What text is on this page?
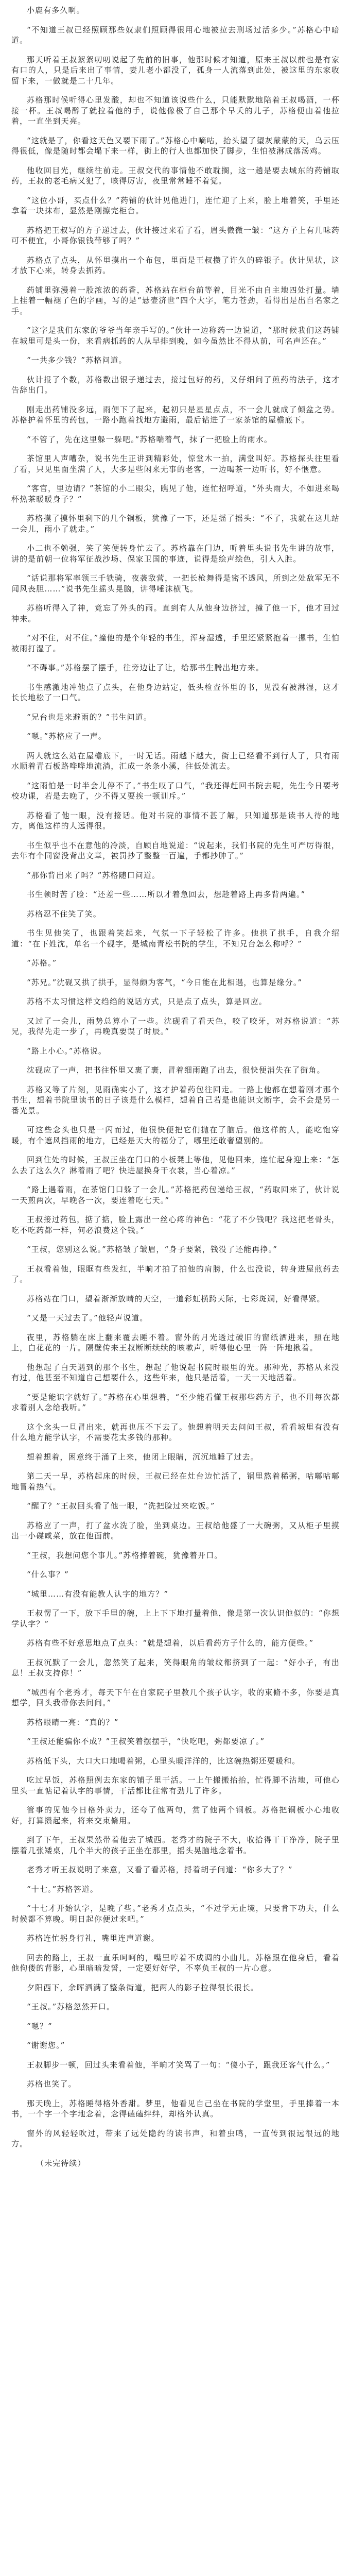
小鹿有多久啊。

“不知道王叔已经照顾那些奴隶们照顾得很用心地被拉去刑场过活多少。”苏格心中暗道。

那天听着王叔絮絮叨叨说起了先前的旧事，他那时候才知道，原来王叔以前也是有家有口的人，只是后来出了事情，妻儿老小都没了，孤身一人流落到此处，被这里的东家收留下来，一做就是二十几年。

苏格那时候听得心里发酸，却也不知道该说些什么，只能默默地陪着王叔喝酒，一杯接一杯。王叔喝醉了就拉着他的手，说他像极了自己那个早夭的儿子，苏格便由着他拉着，一直坐到天亮。

“这就是了，你看这天色又要下雨了。”苏格心中嘀咕，抬头望了望灰蒙蒙的天，乌云压得很低，像是随时都会塌下来一样，街上的行人也都加快了脚步，生怕被淋成落汤鸡。

他收回目光，继续往前走。王叔交代的事情他不敢耽搁，这一趟是要去城东的药铺取药，王叔的老毛病又犯了，咳得厉害，夜里常常睡不着觉。

“这位小哥，买点什么？”药铺的伙计见他进门，连忙迎了上来，脸上堆着笑，手里还拿着一块抹布，显然是刚擦完柜台。

苏格把王叔写的方子递过去，伙计接过来看了看，眉头微微一皱：“这方子上有几味药可不便宜，小哥你银钱带够了吗？”

苏格点了点头，从怀里摸出一个布包，里面是王叔攒了许久的碎银子。伙计见状，这才放下心来，转身去抓药。

药铺里弥漫着一股浓浓的药香，苏格站在柜台前等着，目光不由自主地四处打量。墙上挂着一幅褪了色的字画，写的是“悬壶济世”四个大字，笔力苍劲，看得出是出自名家之手。

“这字是我们东家的爷爷当年亲手写的。”伙计一边称药一边说道，“那时候我们这药铺在城里可是头一份，来看病抓药的人从早排到晚，如今虽然比不得从前，可名声还在。”

“一共多少钱？”苏格问道。

伙计报了个数，苏格数出银子递过去，接过包好的药，又仔细问了煎药的法子，这才告辞出门。

刚走出药铺没多远，雨便下了起来，起初只是星星点点，不一会儿就成了倾盆之势。苏格护着怀里的药包，一路小跑着找地方避雨，最后钻进了一家茶馆的屋檐底下。

“不管了，先在这里躲一躲吧。”苏格喘着气，抹了一把脸上的雨水。

茶馆里人声嘈杂，说书先生正讲到精彩处，惊堂木一拍，满堂叫好。苏格探头往里看了看，只见里面坐满了人，大多是些闲来无事的老客，一边喝茶一边听书，好不惬意。

“客官，里边请？”茶馆的小二眼尖，瞧见了他，连忙招呼道，“外头雨大，不如进来喝杯热茶暖暖身子？”

苏格摸了摸怀里剩下的几个铜板，犹豫了一下，还是摇了摇头：“不了，我就在这儿站一会儿，雨小了就走。”

小二也不勉强，笑了笑便转身忙去了。苏格靠在门边，听着里头说书先生讲的故事，讲的是前朝一位将军征战沙场、保家卫国的事迹，说得是绘声绘色，引人入胜。

“话说那将军率领三千铁骑，夜袭敌营，一把长枪舞得是密不透风，所到之处敌军无不闻风丧胆……”说书先生摇头晃脑，讲得唾沫横飞。

苏格听得入了神，竟忘了外头的雨。直到有人从他身边挤过，撞了他一下，他才回过神来。

“对不住，对不住。”撞他的是个年轻的书生，浑身湿透，手里还紧紧抱着一摞书，生怕被雨打湿了。

“不碍事。”苏格摆了摆手，往旁边让了让，给那书生腾出地方来。

书生感激地冲他点了点头，在他身边站定，低头检查怀里的书，见没有被淋湿，这才长长地松了一口气。

“兄台也是来避雨的？”书生问道。

“嗯。”苏格应了一声。

两人就这么站在屋檐底下，一时无话。雨越下越大，街上已经看不到行人了，只有雨水顺着青石板路哗哗地流淌，汇成一条条小溪，往低处流去。

“这雨怕是一时半会儿停不了。”书生叹了口气，“我还得赶回书院去呢，先生今日要考校功课，若是去晚了，少不得又要挨一顿训斥。”

苏格看了他一眼，没有接话。他对书院的事情不甚了解，只知道那是读书人待的地方，离他这样的人远得很。

书生似乎也不在意他的冷淡，自顾自地说道：“说起来，我们书院的先生可严厉得很，去年有个同窗没背出文章，被罚抄了整整一百遍，手都抄肿了。”

“那你背出来了吗？”苏格随口问道。

书生顿时苦了脸：“还差一些……所以才着急回去，想趁着路上再多背两遍。”

苏格忍不住笑了笑。

书生见他笑了，也跟着笑起来，气氛一下子轻松了许多。他拱了拱手，自我介绍道：“在下姓沈，单名一个砚字，是城南青松书院的学生，不知兄台怎么称呼？”

“苏格。”

“苏兄。”沈砚又拱了拱手，显得颇为客气，“今日能在此相遇，也算是缘分。”

苏格不太习惯这样文绉绉的说话方式，只是点了点头，算是回应。

又过了一会儿，雨势总算小了一些。沈砚看了看天色，咬了咬牙，对苏格说道：“苏兄，我得先走一步了，再晚真要误了时辰。”

“路上小心。”苏格说。

沈砚应了一声，把书往怀里又裹了裹，冒着细雨跑了出去，很快便消失在了街角。

苏格又等了片刻，见雨确实小了，这才护着药包往回走。一路上他都在想着刚才那个书生，想着书院里读书的日子该是什么模样，想着自己若是也能识文断字，会不会是另一番光景。

可这些念头也只是一闪而过，他很快便把它们抛在了脑后。他这样的人，能吃饱穿暖，有个遮风挡雨的地方，已经是天大的福分了，哪里还敢奢望别的。

回到住处的时候，王叔正坐在门口的小板凳上等他，见他回来，连忙起身迎上来：“怎么去了这么久？淋着雨了吧？快进屋换身干衣裳，当心着凉。”

“路上遇着雨，在茶馆门口躲了一会儿。”苏格把药包递给王叔，“药取回来了，伙计说一天煎两次，早晚各一次，要连着吃七天。”

王叔接过药包，掂了掂，脸上露出一丝心疼的神色：“花了不少钱吧？我这把老骨头，吃不吃药都一样，何必浪费这个钱。”

“王叔，您别这么说。”苏格皱了皱眉，“身子要紧，钱没了还能再挣。”

王叔看着他，眼眶有些发红，半晌才拍了拍他的肩膀，什么也没说，转身进屋煎药去了。

苏格站在门口，望着渐渐放晴的天空，一道彩虹横跨天际，七彩斑斓，好看得紧。

“又是一天过去了。”他轻声说道。

夜里，苏格躺在床上翻来覆去睡不着。窗外的月光透过破旧的窗纸洒进来，照在地上，白花花的一片。隔壁传来王叔断断续续的咳嗽声，听得他心里一阵一阵地揪着。

他想起了白天遇到的那个书生，想起了他说起书院时眼里的光。那种光，苏格从来没有过，他甚至不知道自己想要什么，这些年来，他只是活着，一天一天地活着。

“要是能识字就好了。”苏格在心里想着，“至少能看懂王叔那些药方子，也不用每次都求着别人念给我听。”

这个念头一旦冒出来，就再也压不下去了。他想着明天去问问王叔，看看城里有没有什么地方能学认字，不需要花太多钱的那种。

想着想着，困意终于涌了上来，他闭上眼睛，沉沉地睡了过去。

第二天一早，苏格起床的时候，王叔已经在灶台边忙活了，锅里熬着稀粥，咕嘟咕嘟地冒着热气。

“醒了？”王叔回头看了他一眼，“洗把脸过来吃饭。”

苏格应了一声，打了盆水洗了脸，坐到桌边。王叔给他盛了一大碗粥，又从柜子里摸出一小碟咸菜，放在他面前。

“王叔，我想问您个事儿。”苏格捧着碗，犹豫着开口。

“什么事？”

“城里……有没有能教人认字的地方？”

王叔愣了一下，放下手里的碗，上上下下地打量着他，像是第一次认识他似的：“你想学认字？”

苏格有些不好意思地点了点头：“就是想着，以后看药方子什么的，能方便些。”

王叔沉默了一会儿，忽然笑了起来，笑得眼角的皱纹都挤到了一起：“好小子，有出息！王叔支持你！”

“城西有个老秀才，每天下午在自家院子里教几个孩子认字，收的束脩不多，你要是真想学，回头我带你去问问。”

苏格眼睛一亮：“真的？”

“王叔还能骗你不成？”王叔笑着摆摆手，“快吃吧，粥都要凉了。”

苏格低下头，大口大口地喝着粥，心里头暖洋洋的，比这碗热粥还要暖和。

吃过早饭，苏格照例去东家的铺子里干活。一上午搬搬抬抬，忙得脚不沾地，可他心里头一直惦记着认字的事情，干活都比往常有劲儿了许多。

管事的见他今日格外卖力，还夸了他两句，赏了他两个铜板。苏格把铜板小心地收好，打算攒起来，将来交束脩用。

到了下午，王叔果然带着他去了城西。老秀才的院子不大，收拾得干干净净，院子里摆着几张矮桌，几个半大的孩子正坐在那里，摇头晃脑地念着书。

老秀才听王叔说明了来意，又看了看苏格，捋着胡子问道：“你多大了？”

“十七。”苏格答道。

“十七才开始认字，是晚了些。”老秀才点点头，“不过学无止境，只要肯下功夫，什么时候都不算晚。明日起你便过来吧。”

苏格连忙躬身行礼，嘴里连声道谢。

回去的路上，王叔一直乐呵呵的，嘴里哼着不成调的小曲儿。苏格跟在他身后，看着他佝偻的背影，心里暗暗发誓，一定要好好学，不辜负王叔的一片心意。

夕阳西下，余晖洒满了整条街道，把两人的影子拉得很长很长。

“王叔。”苏格忽然开口。

“嗯？”

“谢谢您。”

王叔脚步一顿，回过头来看着他，半晌才笑骂了一句：“傻小子，跟我还客气什么。”

苏格也笑了。

那天晚上，苏格睡得格外香甜。梦里，他看见自己坐在书院的学堂里，手里捧着一本书，一个字一个字地念着，念得磕磕绊绊，却格外认真。

窗外的风轻轻吹过，带来了远处隐约的读书声，和着虫鸣，一直传到很远很远的地方。

（未完待续）
